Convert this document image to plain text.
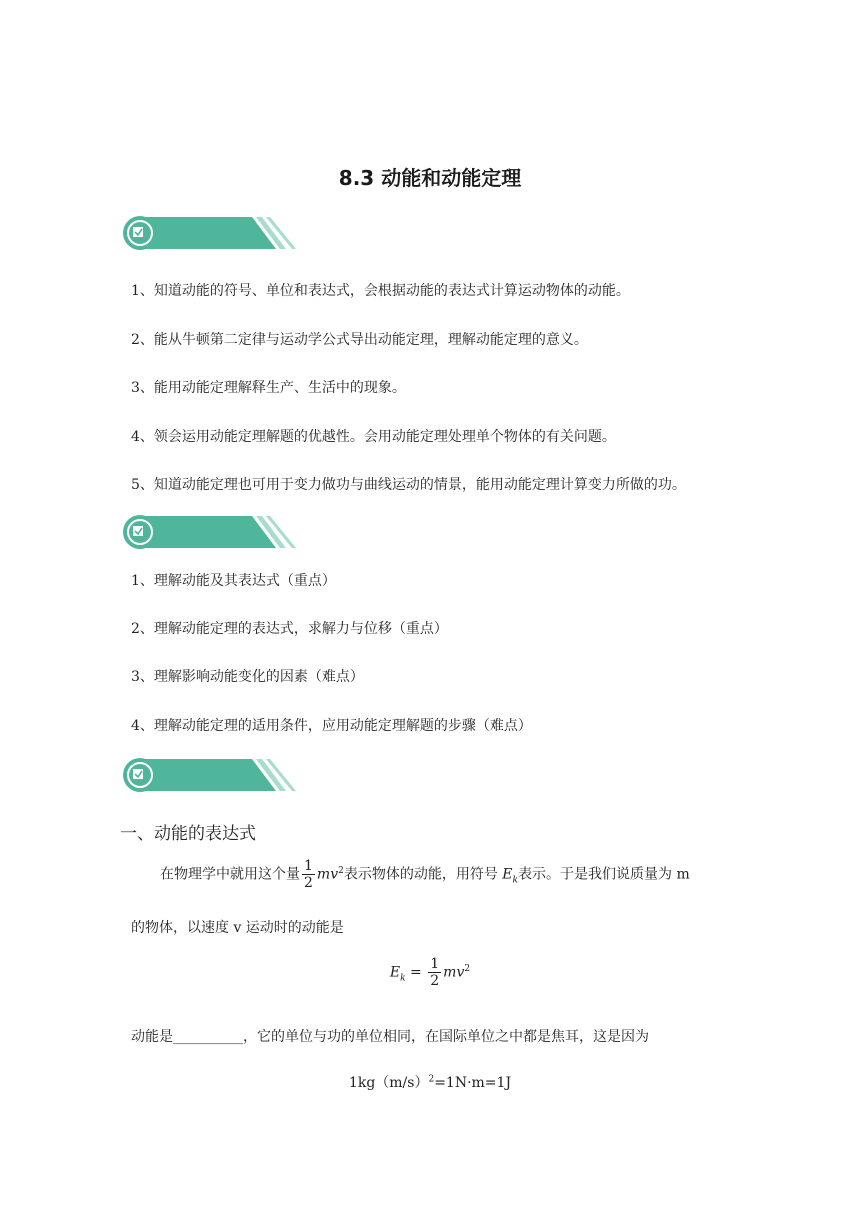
8.3 动能和动能定理
1、知道动能的符号、单位和表达式，会根据动能的表达式计算运动物体的动能。
2、能从牛顿第二定律与运动学公式导出动能定理，理解动能定理的意义。
3、能用动能定理解释生产、生活中的现象。
4、领会运用动能定理解题的优越性。会用动能定理处理单个物体的有关问题。
5、知道动能定理也可用于变力做功与曲线运动的情景，能用动能定理计算变力所做的功。
1、理解动能及其表达式（重点）
2、理解动能定理的表达式，求解力与位移（重点）
3、理解影响动能变化的因素（难点）
4、理解动能定理的适用条件，应用动能定理解题的步骤（难点）
一、动能的表达式
在物理学中就用这个量 $\frac{1}{2} mv^2$表示物体的动能，用符号 $E_k$表示。于是我们说质量为 m
的物体，以速度 v 运动时的动能是
$E_k = \frac{1}{2} mv^2$
动能是__________，它的单位与功的单位相同，在国际单位之中都是焦耳，这是因为
$1kg(m/s)^2=1N\cdot m=1J$
